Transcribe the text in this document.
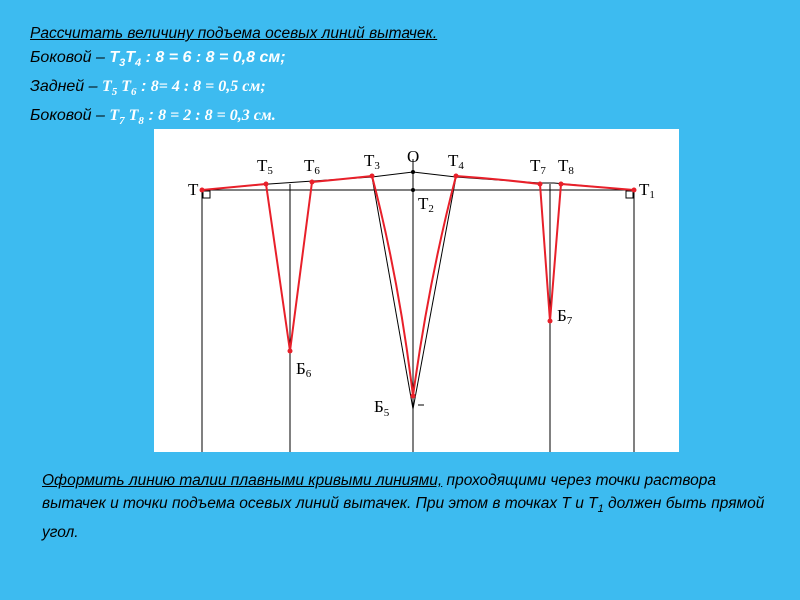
Рассчитать величину подъема осевых линий вытачек.
Боковой – $Т_3Т_4$ : 8 = 6 : 8 = 0,8 см;
Задней – $Т_5$ $Т_6$ : 8= 4 : 8 = 0,5 см;
Боковой – $Т_7$ $Т_8$ : 8 = 2 : 8 = 0,3 см.
Т	Т1
Т5 Т6
Т3 О Т4
Т2
Т7 Т8
Б6
Б7
$Б_5$
Оформить линию талии плавными кривыми линиями, проходящими через точки раствора вытачек и точки подъема осевых линий вытачек. При этом в точках Т и $Т_1$ должен быть прямой угол.
